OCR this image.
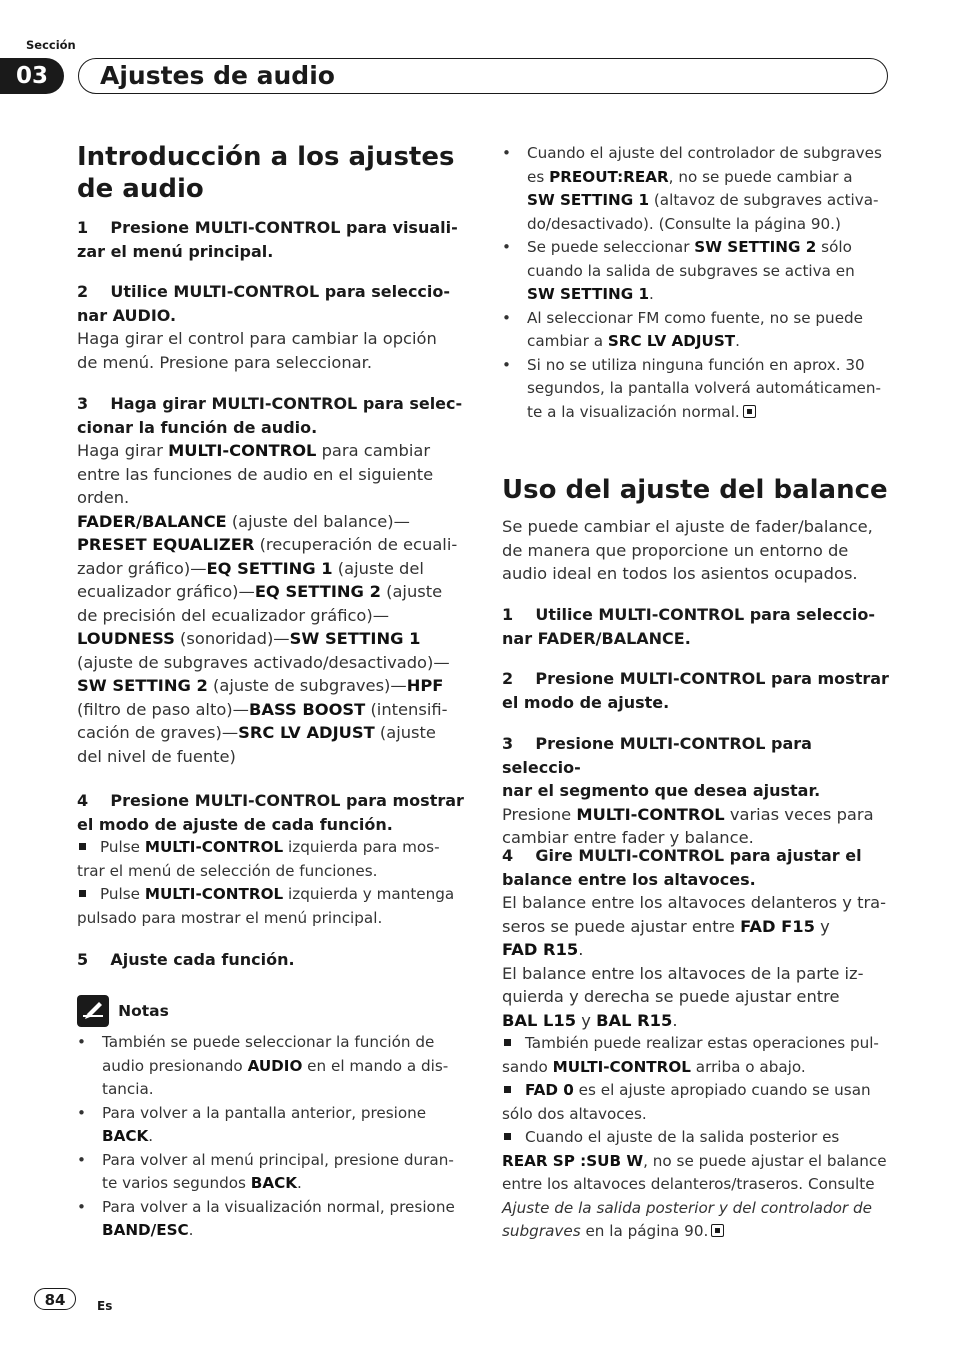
Sección
03	Ajustes de audio

Introducción a los ajustes de audio

1    Presione MULTI-CONTROL para visuali-

zar el menú principal.

2    Utilice MULTI-CONTROL para seleccio-

nar AUDIO.

Haga girar el control para cambiar la opción

de menú. Presione para seleccionar.

3    Haga girar MULTI-CONTROL para selec-

cionar la función de audio.

Haga girar MULTI-CONTROL para cambiar

entre las funciones de audio en el siguiente

orden.

FADER/BALANCE (ajuste del balance)—

PRESET EQUALIZER (recuperación de ecuali-

zador gráfico)—EQ SETTING 1 (ajuste del

ecualizador gráfico)—EQ SETTING 2 (ajuste

de precisión del ecualizador gráfico)—

LOUDNESS (sonoridad)—SW SETTING 1

(ajuste de subgraves activado/desactivado)—

SW SETTING 2 (ajuste de subgraves)—HPF

(filtro de paso alto)—BASS BOOST (intensifi-

cación de graves)—SRC LV ADJUST (ajuste

del nivel de fuente)

4    Presione MULTI-CONTROL para mostrar

el modo de ajuste de cada función.

Pulse MULTI-CONTROL izquierda para mos-

trar el menú de selección de funciones.

Pulse MULTI-CONTROL izquierda y mantenga

pulsado para mostrar el menú principal.

5    Ajuste cada función.

Notas

• También se puede seleccionar la función de
audio presionando AUDIO en el mando a dis-
tancia.

• Para volver a la pantalla anterior, presione
BACK.

• Para volver al menú principal, presione duran-
te varios segundos BACK.

• Para volver a la visualización normal, presione
BAND/ESC.

• Cuando el ajuste del controlador de subgraves
es PREOUT:REAR, no se puede cambiar a
SW SETTING 1 (altavoz de subgraves activa-
do/desactivado). (Consulte la página 90.)

• Se puede seleccionar SW SETTING 2 sólo
cuando la salida de subgraves se activa en
SW SETTING 1.

• Al seleccionar FM como fuente, no se puede
cambiar a SRC LV ADJUST.

• Si no se utiliza ninguna función en aprox. 30
segundos, la pantalla volverá automáticamen-
te a la visualización normal.

Uso del ajuste del balance

Se puede cambiar el ajuste de fader/balance,

de manera que proporcione un entorno de

audio ideal en todos los asientos ocupados.

1    Utilice MULTI-CONTROL para seleccio-

nar FADER/BALANCE.

2    Presione MULTI-CONTROL para mostrar

el modo de ajuste.

3    Presione MULTI-CONTROL para seleccio-

nar el segmento que desea ajustar.

Presione MULTI-CONTROL varias veces para

cambiar entre fader y balance.

4    Gire MULTI-CONTROL para ajustar el

balance entre los altavoces.

El balance entre los altavoces delanteros y tra-

seros se puede ajustar entre FAD F15 y

FAD R15.

El balance entre los altavoces de la parte iz-

quierda y derecha se puede ajustar entre

BAL L15 y BAL R15.

También puede realizar estas operaciones pul-

sando MULTI-CONTROL arriba o abajo.

FAD 0 es el ajuste apropiado cuando se usan

sólo dos altavoces.

Cuando el ajuste de la salida posterior es

REAR SP :SUB W, no se puede ajustar el balance

entre los altavoces delanteros/traseros. Consulte

Ajuste de la salida posterior y del controlador de

subgraves en la página 90.

84	Es
